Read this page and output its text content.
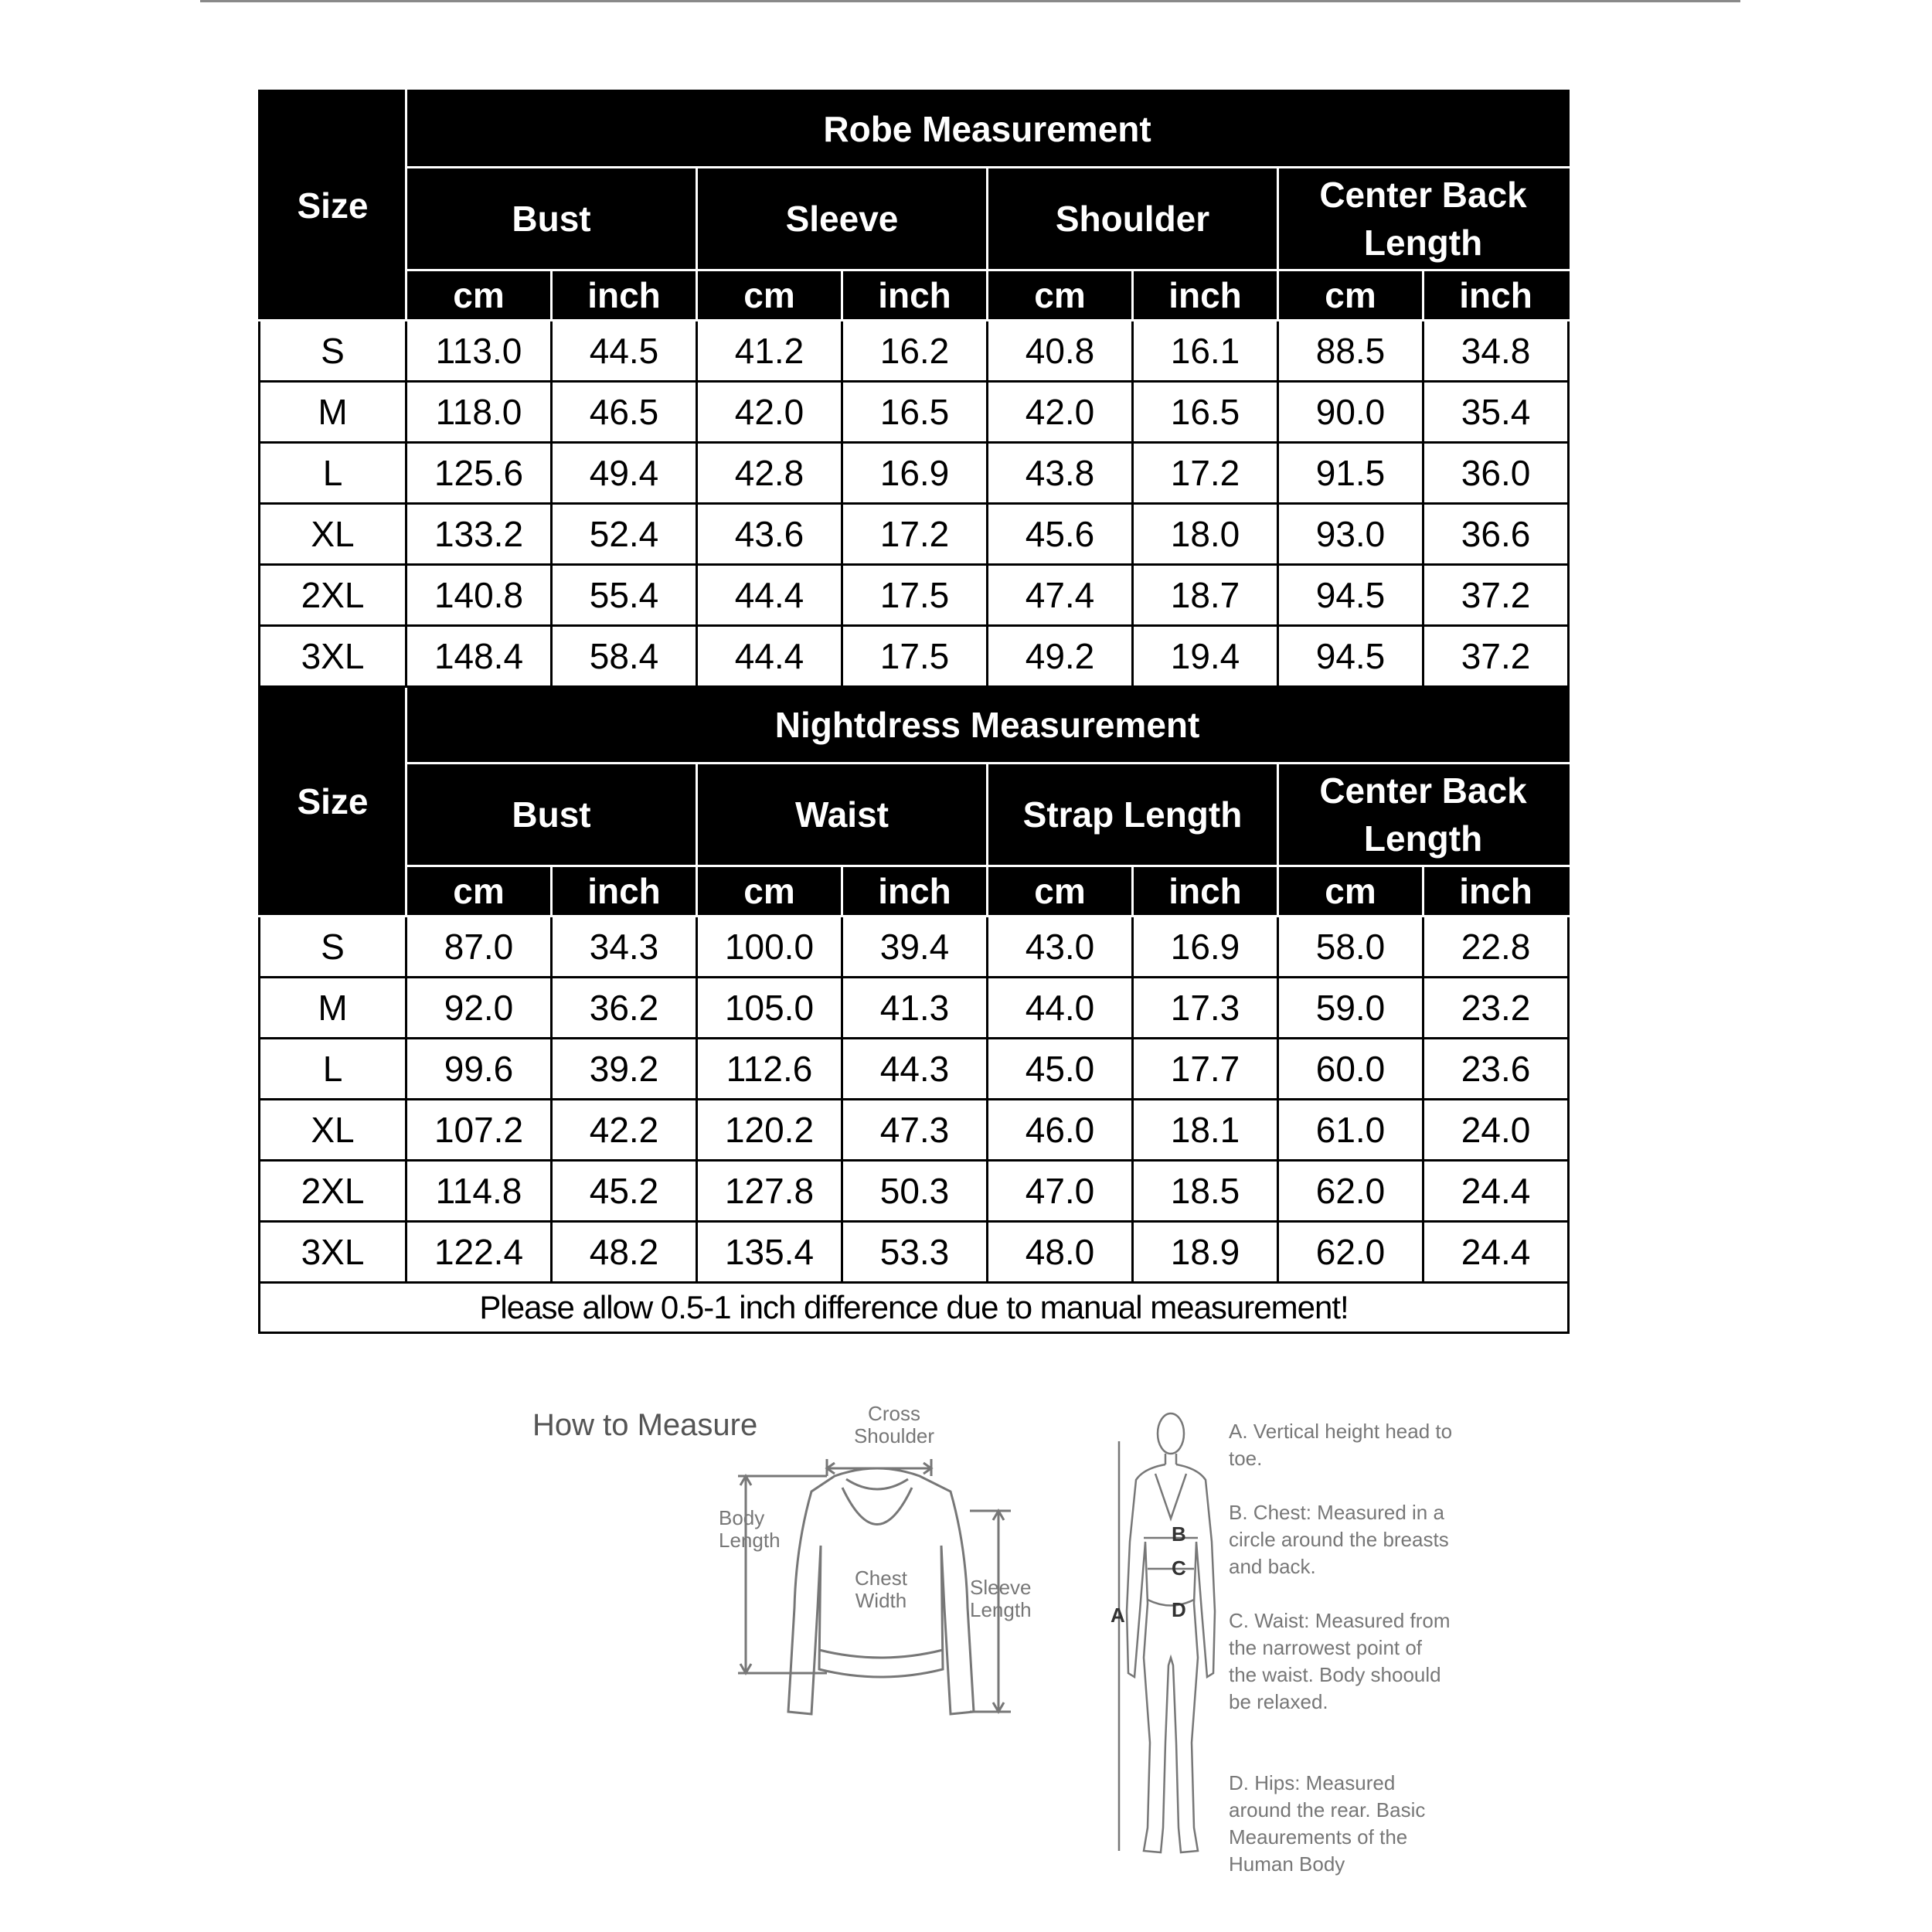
Size	Robe Measurement							
	Bust		Sleeve		Shoulder		Center Back Length	
	cm	inch	cm	inch	cm	inch	cm	inch
S	113.0	44.5	41.2	16.2	40.8	16.1	88.5	34.8
M	118.0	46.5	42.0	16.5	42.0	16.5	90.0	35.4
L	125.6	49.4	42.8	16.9	43.8	17.2	91.5	36.0
XL	133.2	52.4	43.6	17.2	45.6	18.0	93.0	36.6
2XL	140.8	55.4	44.4	17.5	47.4	18.7	94.5	37.2
3XL	148.4	58.4	44.4	17.5	49.2	19.4	94.5	37.2
Size	Nightdress Measurement							
	Bust		Waist		Strap Length		Center Back Length	
	cm	inch	cm	inch	cm	inch	cm	inch
S	87.0	34.3	100.0	39.4	43.0	16.9	58.0	22.8
M	92.0	36.2	105.0	41.3	44.0	17.3	59.0	23.2
L	99.6	39.2	112.6	44.3	45.0	17.7	60.0	23.6
XL	107.2	42.2	120.2	47.3	46.0	18.1	61.0	24.0
2XL	114.8	45.2	127.8	50.3	47.0	18.5	62.0	24.4
3XL	122.4	48.2	135.4	53.3	48.0	18.9	62.0	24.4
Please allow 0.5-1 inch difference due to manual measurement!								
How to Measure	Cross
Shoulder
Body
Length
Chest
Width
Sleeve
Length
B
C
D
A
A. Vertical height head to toe.
B. Chest: Measured in a circle around the breasts and back.
C. Waist: Measured from the narrowest point of the waist. Body shoould be relaxed.
D. Hips: Measured around the rear. Basic Meaurements of the Human Body
